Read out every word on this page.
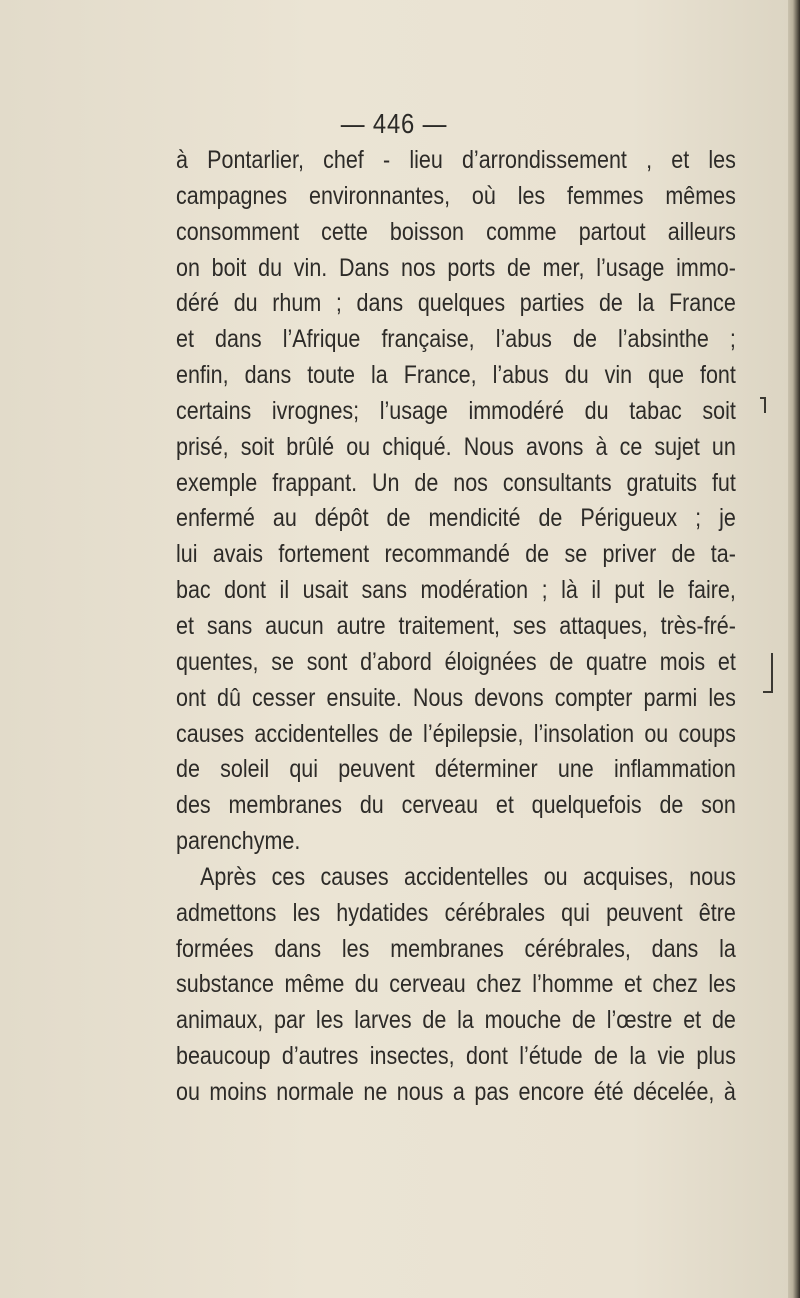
— 446 —
à Pontarlier, chef - lieu d’arrondissement , et les
campagnes environnantes, où les femmes mêmes
consomment cette boisson comme partout ailleurs
on boit du vin. Dans nos ports de mer, l’usage immo-
déré du rhum ; dans quelques parties de la France
et dans l’Afrique française, l’abus de l’absinthe ;
enfin, dans toute la France, l’abus du vin que font
certains ivrognes; l’usage immodéré du tabac soit
prisé, soit brûlé ou chiqué. Nous avons à ce sujet un
exemple frappant. Un de nos consultants gratuits fut
enfermé au dépôt de mendicité de Périgueux ; je
lui avais fortement recommandé de se priver de ta-
bac dont il usait sans modération ; là il put le faire,
et sans aucun autre traitement, ses attaques, très-fré-
quentes, se sont d’abord éloignées de quatre mois et
ont dû cesser ensuite. Nous devons compter parmi les
causes accidentelles de l’épilepsie, l’insolation ou coups
de soleil qui peuvent déterminer une inflammation
des membranes du cerveau et quelquefois de son
parenchyme.
Après ces causes accidentelles ou acquises, nous
admettons les hydatides cérébrales qui peuvent être
formées dans les membranes cérébrales, dans la
substance même du cerveau chez l’homme et chez les
animaux, par les larves de la mouche de l’œstre et de
beaucoup d’autres insectes, dont l’étude de la vie plus
ou moins normale ne nous a pas encore été décelée, à
